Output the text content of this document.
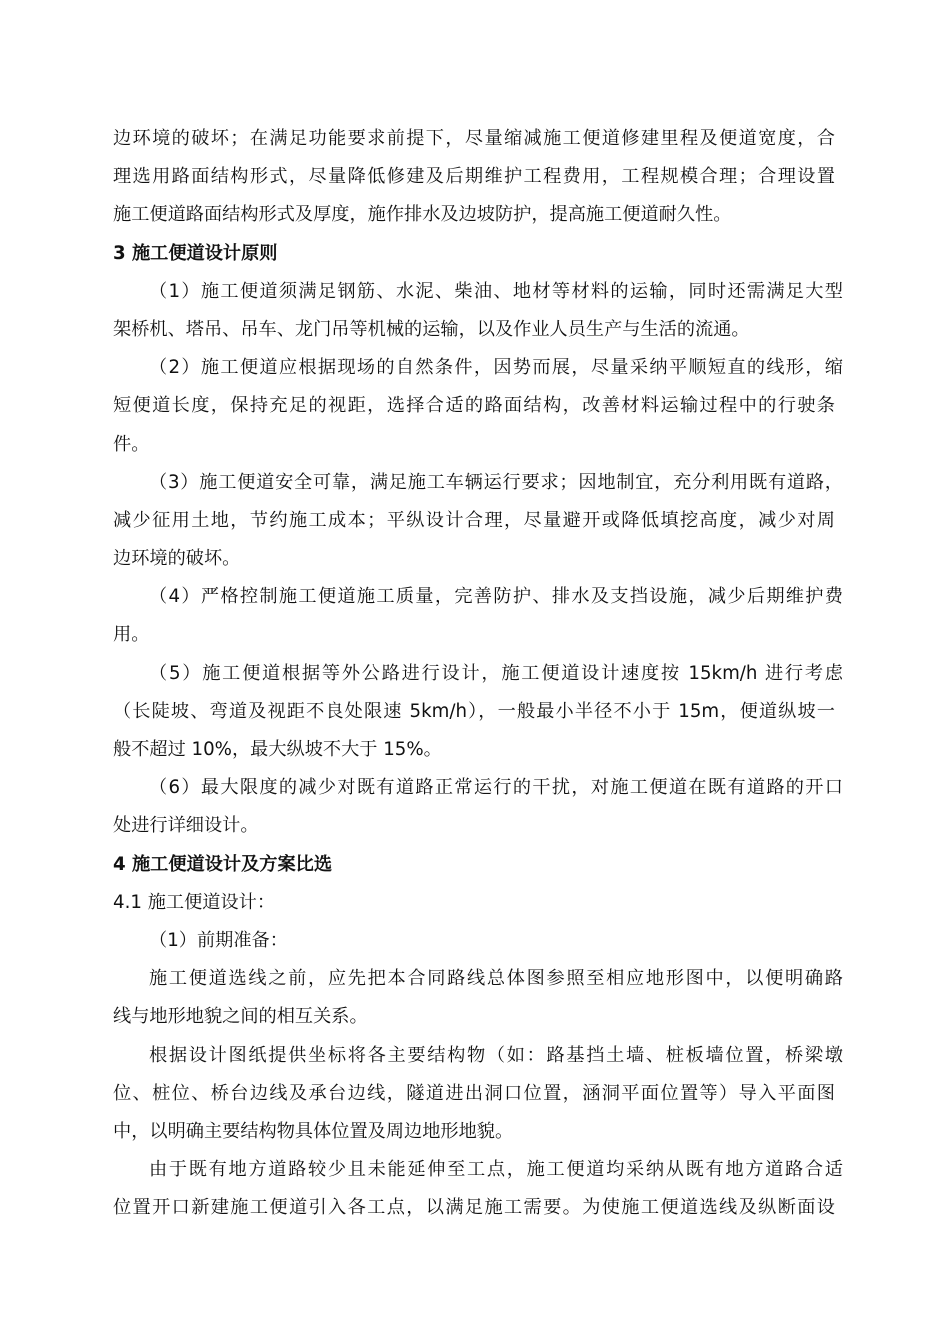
边环境的破坏；在满足功能要求前提下，尽量缩减施工便道修建里程及便道宽度，合
理选用路面结构形式，尽量降低修建及后期维护工程费用，工程规模合理；合理设置
施工便道路面结构形式及厚度，施作排水及边坡防护，提高施工便道耐久性。
3 施工便道设计原则
（1）施工便道须满足钢筋、水泥、柴油、地材等材料的运输，同时还需满足大型
架桥机、塔吊、吊车、龙门吊等机械的运输，以及作业人员生产与生活的流通。
（2）施工便道应根据现场的自然条件，因势而展，尽量采纳平顺短直的线形，缩
短便道长度，保持充足的视距，选择合适的路面结构，改善材料运输过程中的行驶条
件。
（3）施工便道安全可靠，满足施工车辆运行要求；因地制宜，充分利用既有道路，
减少征用土地，节约施工成本；平纵设计合理，尽量避开或降低填挖高度，减少对周
边环境的破坏。
（4）严格控制施工便道施工质量，完善防护、排水及支挡设施，减少后期维护费
用。
（5）施工便道根据等外公路进行设计，施工便道设计速度按 15km/h 进行考虑
（长陡坡、弯道及视距不良处限速 5km/h），一般最小半径不小于 15m，便道纵坡一
般不超过 10%，最大纵坡不大于 15%。
（6）最大限度的减少对既有道路正常运行的干扰，对施工便道在既有道路的开口
处进行详细设计。
4 施工便道设计及方案比选
4.1 施工便道设计：
（1）前期准备：
施工便道选线之前，应先把本合同路线总体图参照至相应地形图中，以便明确路
线与地形地貌之间的相互关系。
根据设计图纸提供坐标将各主要结构物（如：路基挡土墙、桩板墙位置，桥梁墩
位、桩位、桥台边线及承台边线，隧道进出洞口位置，涵洞平面位置等）导入平面图
中，以明确主要结构物具体位置及周边地形地貌。
由于既有地方道路较少且未能延伸至工点，施工便道均采纳从既有地方道路合适
位置开口新建施工便道引入各工点，以满足施工需要。为使施工便道选线及纵断面设
